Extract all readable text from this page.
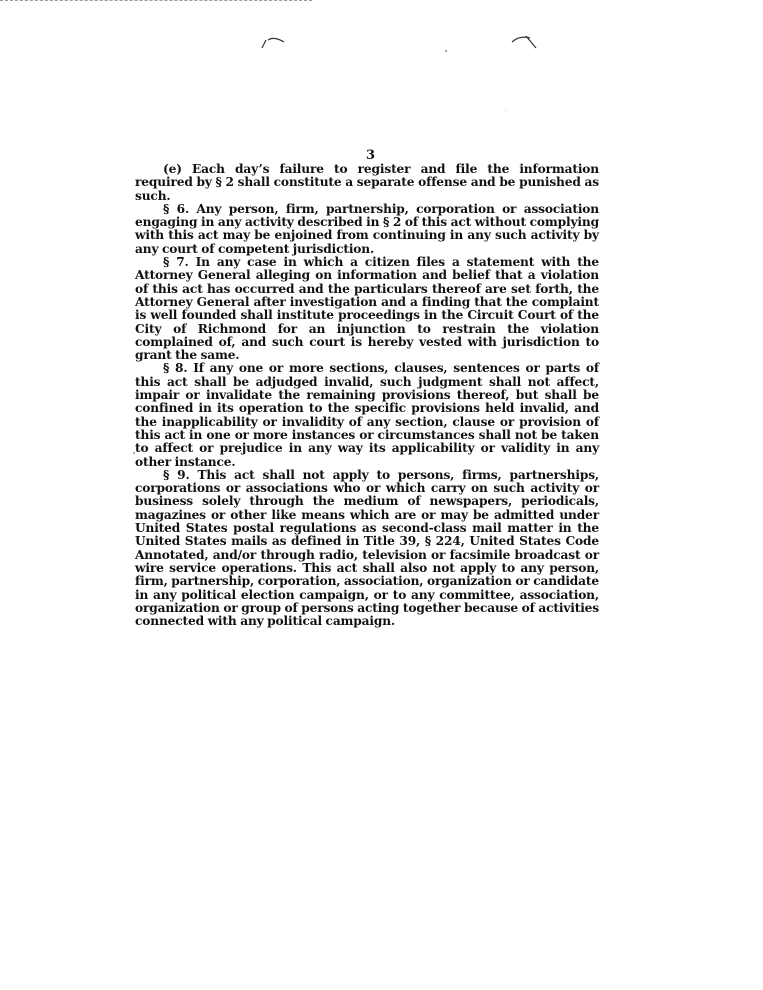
3

(e) Each day’s failure to register and file the information required by § 2 shall constitute a separate offense and be punished as such.

§ 6. Any person, firm, partnership, corporation or association engaging in any activity described in § 2 of this act without complying with this act may be enjoined from continuing in any such activity by any court of competent jurisdiction.

§ 7. In any case in which a citizen files a statement with the Attorney General alleging on information and belief that a violation of this act has occurred and the particulars thereof are set forth, the Attorney General after investigation and a finding that the complaint is well founded shall institute proceedings in the Circuit Court of the City of Richmond for an injunction to restrain the violation complained of, and such court is hereby vested with jurisdiction to grant the same.

§ 8. If any one or more sections, clauses, sentences or parts of this act shall be adjudged invalid, such judgment shall not affect, impair or invalidate the remaining provisions thereof, but shall be confined in its operation to the specific provisions held invalid, and the inapplicability or invalidity of any section, clause or provision of this act in one or more instances or circumstances shall not be taken to affect or prejudice in any way its applicability or validity in any other instance.

§ 9. This act shall not apply to persons, firms, partnerships, corporations or associations who or which carry on such activity or business solely through the medium of newspapers, periodicals, magazines or other like means which are or may be admitted under United States postal regulations as second-class mail matter in the United States mails as defined in Title 39, § 224, United States Code Annotated, and/or through radio, television or facsimile broadcast or wire service operations. This act shall also not apply to any person, firm, partnership, corporation, association, organization or candidate in any political election campaign, or to any committee, association, organization or group of persons acting together because of activities connected with any political campaign.
